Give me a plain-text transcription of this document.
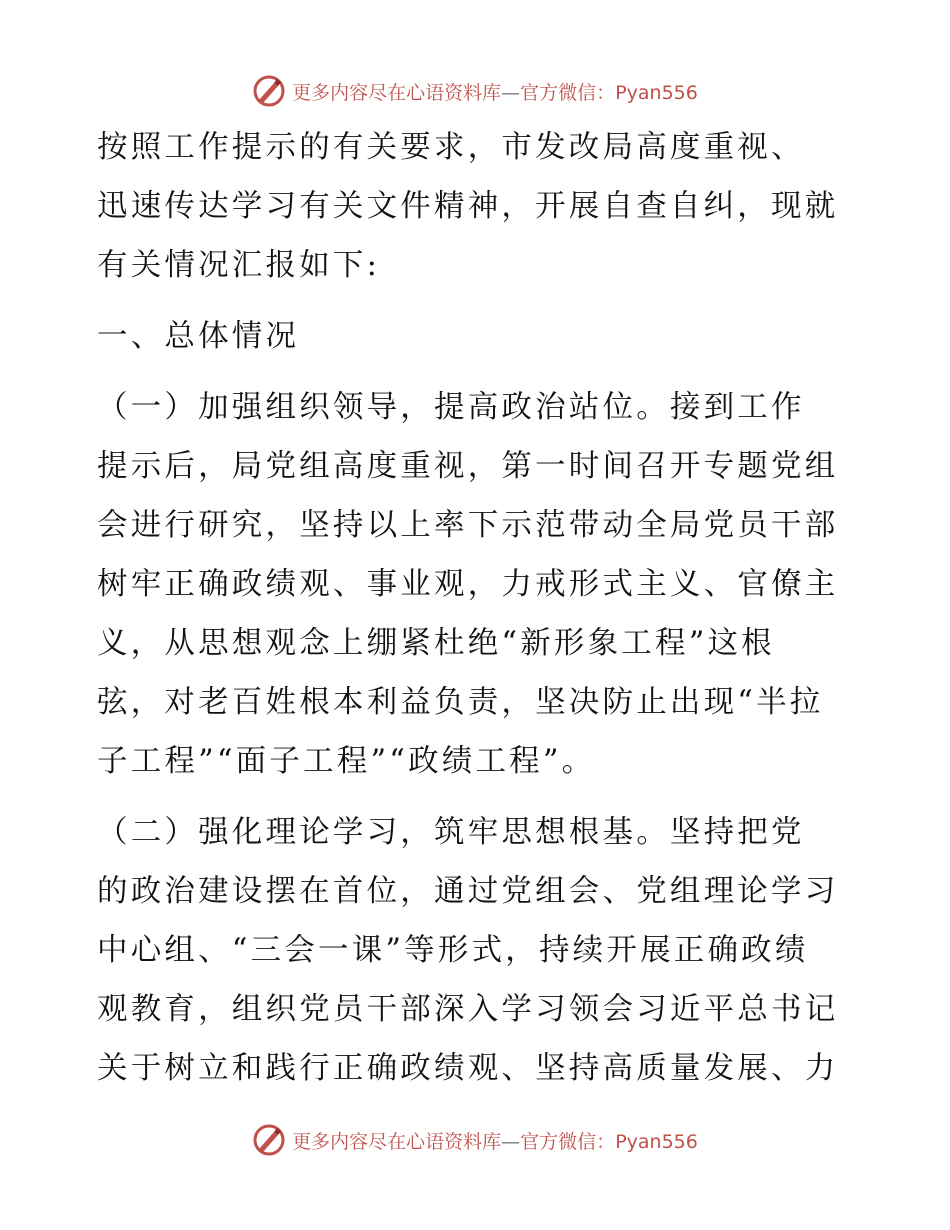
更多内容尽在心语资料库 — 官方微信： Pyan556

按照工作提示的有关要求，市发改局高度重视、
迅速传达学习有关文件精神，开展自查自纠，现就
有关情况汇报如下:

一、总体情况

（一）加强组织领导，提高政治站位。接到工作
提示后，局党组高度重视，第一时间召开专题党组
会进行研究，坚持以上率下示范带动全局党员干部
树牢正确政绩观、事业观，力戒形式主义、官僚主
义，从思想观念上绷紧杜绝“新形象工程”这根
弦，对老百姓根本利益负责，坚决防止出现“半拉
子工程”“面子工程”“政绩工程”。

（二）强化理论学习，筑牢思想根基。坚持把党
的政治建设摆在首位，通过党组会、党组理论学习
中心组、“三会一课”等形式，持续开展正确政绩
观教育，组织党员干部深入学习领会习近平总书记
关于树立和践行正确政绩观、坚持高质量发展、力

更多内容尽在心语资料库 — 官方微信： Pyan556
